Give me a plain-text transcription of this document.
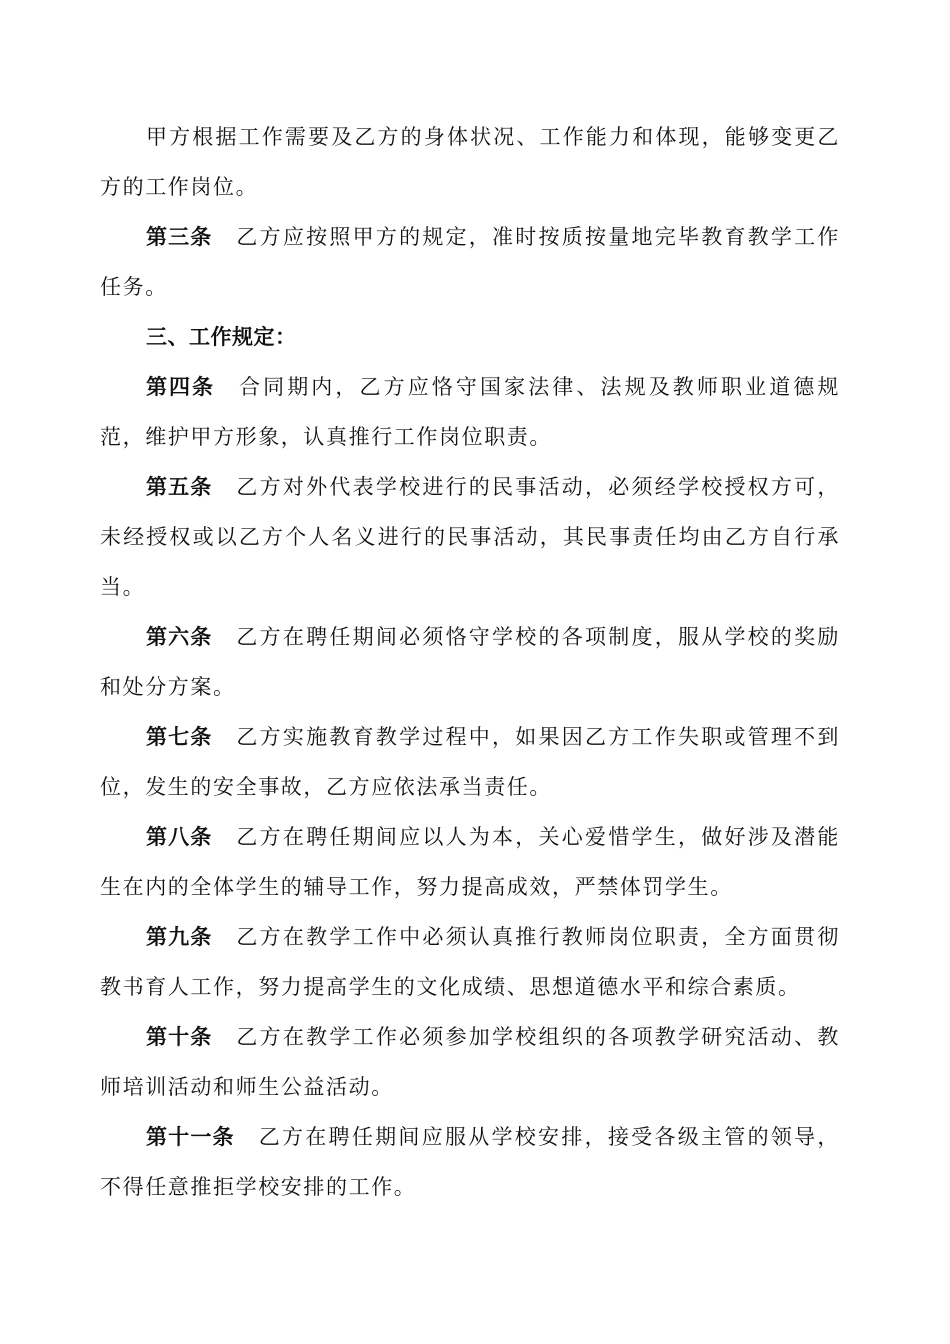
甲方根据工作需要及乙方的身体状况、工作能力和体现，能够变更乙方的工作岗位。

第三条 乙方应按照甲方的规定，准时按质按量地完毕教育教学工作任务。

三、工作规定：

第四条 合同期内，乙方应恪守国家法律、法规及教师职业道德规范，维护甲方形象，认真推行工作岗位职责。

第五条 乙方对外代表学校进行的民事活动，必须经学校授权方可，未经授权或以乙方个人名义进行的民事活动，其民事责任均由乙方自行承当。

第六条 乙方在聘任期间必须恪守学校的各项制度，服从学校的奖励和处分方案。

第七条 乙方实施教育教学过程中，如果因乙方工作失职或管理不到位，发生的安全事故，乙方应依法承当责任。

第八条 乙方在聘任期间应以人为本，关心爱惜学生，做好涉及潜能生在内的全体学生的辅导工作，努力提高成效，严禁体罚学生。

第九条 乙方在教学工作中必须认真推行教师岗位职责，全方面贯彻教书育人工作，努力提高学生的文化成绩、思想道德水平和综合素质。

第十条 乙方在教学工作必须参加学校组织的各项教学研究活动、教师培训活动和师生公益活动。

第十一条 乙方在聘任期间应服从学校安排，接受各级主管的领导，不得任意推拒学校安排的工作。
